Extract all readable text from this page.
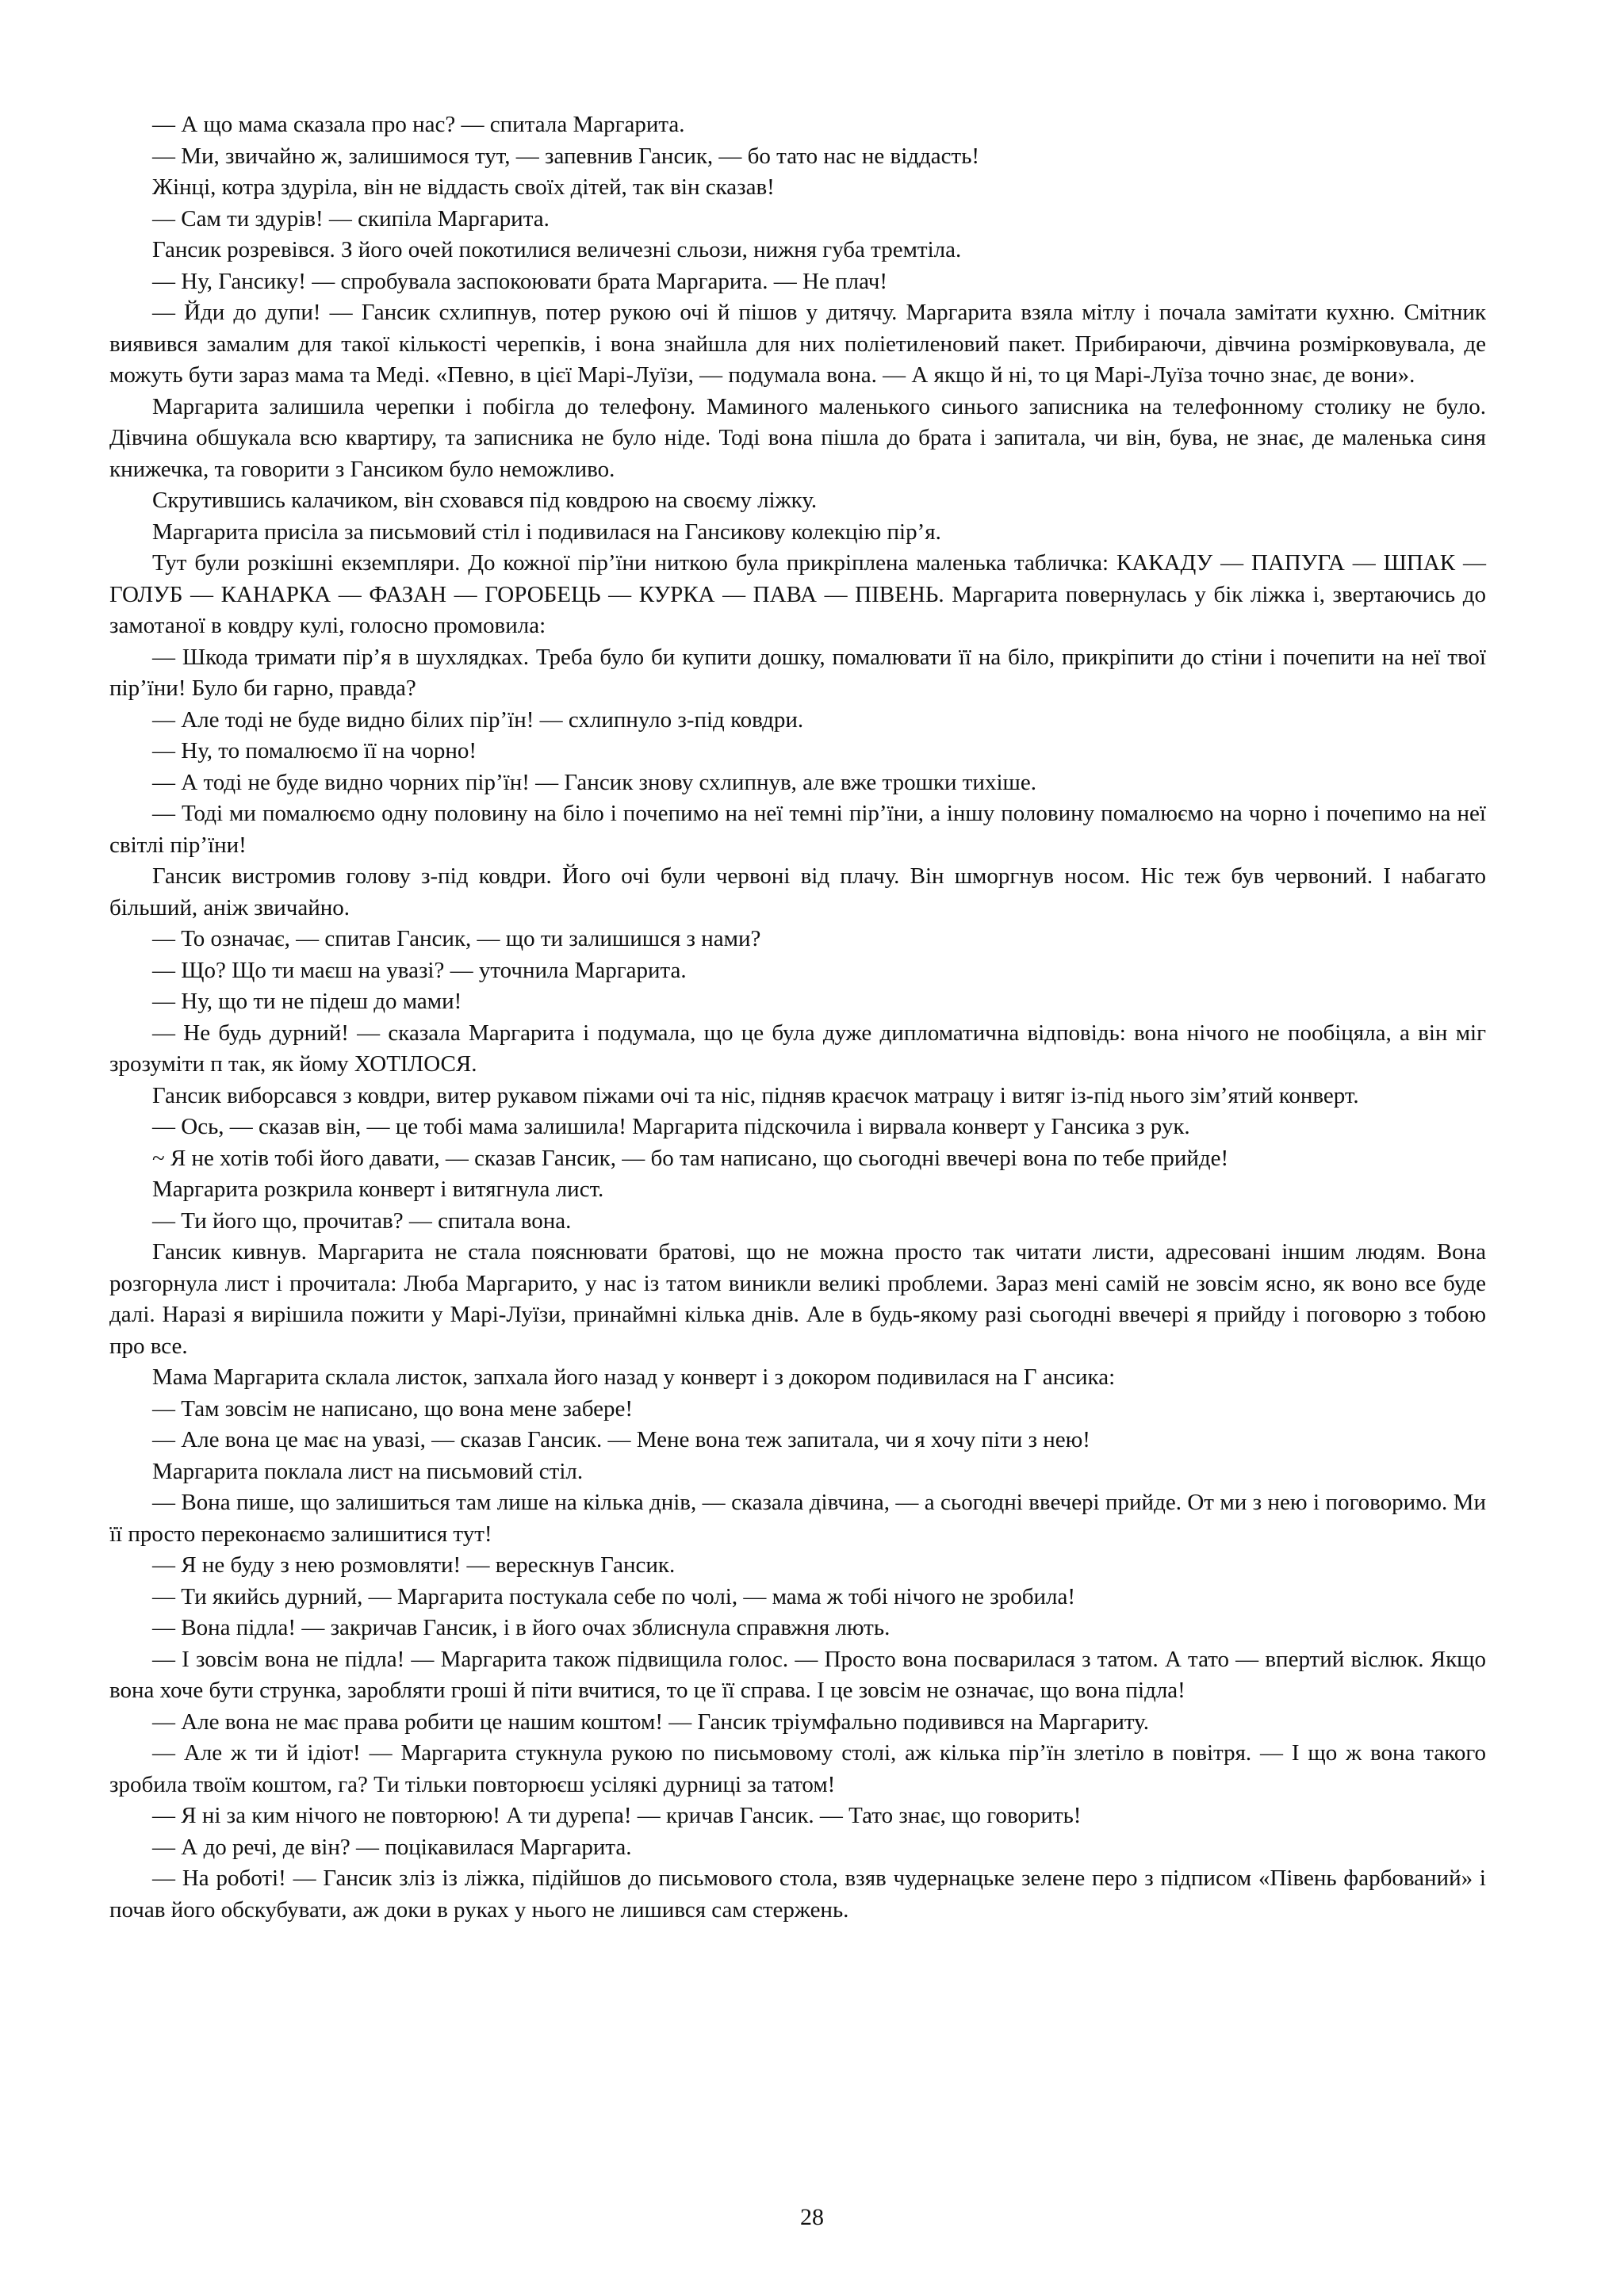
— А що мама сказала про нас? — спитала Маргарита.

— Ми, звичайно ж, залишимося тут, — запевнив Гансик, — бо тато нас не віддасть!

Жінці, котра здуріла, він не віддасть своїх дітей, так він сказав!

— Сам ти здурів! — скипіла Маргарита.

Гансик розревівся. З його очей покотилися величезні сльози, нижня губа тремтіла.

— Ну, Гансику! — спробувала заспокоювати брата Маргарита. — Не плач!

— Йди до дупи! — Гансик схлипнув, потер рукою очі й пішов у дитячу. Маргарита взяла мітлу і почала замітати кухню. Смітник виявився замалим для такої кількості черепків, і вона знайшла для них поліетиленовий пакет. Прибираючи, дівчина розмірковувала, де можуть бути зараз мама та Меді. «Певно, в цієї Марі-Луїзи, — подумала вона. — А якщо й ні, то ця Марі-Луїза точно знає, де вони».

Маргарита залишила черепки і побігла до телефону. Маминого маленького синього записника на телефонному столику не було. Дівчина обшукала всю квартиру, та записника не було ніде. Тоді вона пішла до брата і запитала, чи він, бува, не знає, де маленька синя книжечка, та говорити з Гансиком було неможливо.

Скрутившись калачиком, він сховався під ковдрою на своєму ліжку.

Маргарита присіла за письмовий стіл і подивилася на Гансикову колекцію пір’я.

Тут були розкішні екземпляри. До кожної пір’їни ниткою була прикріплена маленька табличка: КАКАДУ — ПАПУГА — ШПАК — ГОЛУБ — КАНАРКА — ФАЗАН — ГОРОБЕЦЬ — КУРКА — ПАВА — ПІВЕНЬ. Маргарита повернулась у бік ліжка і, звертаючись до замотаної в ковдру кулі, голосно промовила:

— Шкода тримати пір’я в шухлядках. Треба було би купити дошку, помалювати її на біло, прикріпити до стіни і почепити на неї твої пір’їни! Було би гарно, правда?

— Але тоді не буде видно білих пір’їн! — схлипнуло з-під ковдри.

— Ну, то помалюємо її на чорно!

— А тоді не буде видно чорних пір’їн! — Гансик знову схлипнув, але вже трошки тихіше.

— Тоді ми помалюємо одну половину на біло і почепимо на неї темні пір’їни, а іншу половину помалюємо на чорно і почепимо на неї світлі пір’їни!

Гансик вистромив голову з-під ковдри. Його очі були червоні від плачу. Він шморгнув носом. Ніс теж був червоний. І набагато більший, аніж звичайно.

— То означає, — спитав Гансик, — що ти залишишся з нами?

— Що? Що ти маєш на увазі? — уточнила Маргарита.

— Ну, що ти не підеш до мами!

— Не будь дурний! — сказала Маргарита і подумала, що це була дуже дипломатична відповідь: вона нічого не пообіцяла, а він міг зрозуміти п так, як йому ХОТІЛОСЯ.

Гансик виборсався з ковдри, витер рукавом піжами очі та ніс, підняв краєчок матрацу і витяг із-під нього зім’ятий конверт.

— Ось, — сказав він, — це тобі мама залишила! Маргарита підскочила і вирвала конверт у Гансика з рук.

~ Я не хотів тобі його давати, — сказав Гансик, — бо там написано, що сьогодні ввечері вона по тебе прийде!

Маргарита розкрила конверт і витягнула лист.

— Ти його що, прочитав? — спитала вона.

Гансик кивнув. Маргарита не стала пояснювати братові, що не можна просто так читати листи, адресовані іншим людям. Вона розгорнула лист і прочитала: Люба Маргарито, у нас із татом виникли великі проблеми. Зараз мені самій не зовсім ясно, як воно все буде далі. Наразі я вирішила пожити у Марі-Луїзи, принаймні кілька днів. Але в будь-якому разі сьогодні ввечері я прийду і поговорю з тобою про все.

Мама Маргарита склала листок, запхала його назад у конверт і з докором подивилася на Г ансика:

— Там зовсім не написано, що вона мене забере!

— Але вона це має на увазі, — сказав Гансик. — Мене вона теж запитала, чи я хочу піти з нею!

Маргарита поклала лист на письмовий стіл.

— Вона пише, що залишиться там лише на кілька днів, — сказала дівчина, — а сьогодні ввечері прийде. От ми з нею і поговоримо. Ми її просто переконаємо залишитися тут!

— Я не буду з нею розмовляти! — верескнув Гансик.

— Ти якийсь дурний, — Маргарита постукала себе по чолі, — мама ж тобі нічого не зробила!

— Вона підла! — закричав Гансик, і в його очах зблиснула справжня лють.

— І зовсім вона не підла! — Маргарита також підвищила голос. — Просто вона посварилася з татом. А тато — впертий віслюк. Якщо вона хоче бути струнка, заробляти гроші й піти вчитися, то це її справа. І це зовсім не означає, що вона підла!

— Але вона не має права робити це нашим коштом! — Гансик тріумфально подивився на Маргариту.

— Але ж ти й ідіот! — Маргарита стукнула рукою по письмовому столі, аж кілька пір’їн злетіло в повітря. — І що ж вона такого зробила твоїм коштом, га? Ти тільки повторюєш усілякі дурниці за татом!

— Я ні за ким нічого не повторюю! А ти дурепа! — кричав Гансик. — Тато знає, що говорить!

— А до речі, де він? — поцікавилася Маргарита.

— На роботі! — Гансик зліз із ліжка, підійшов до письмового стола, взяв чудернацьке зелене перо з підписом «Півень фарбований» і почав його обскубувати, аж доки в руках у нього не лишився сам стержень.

28
